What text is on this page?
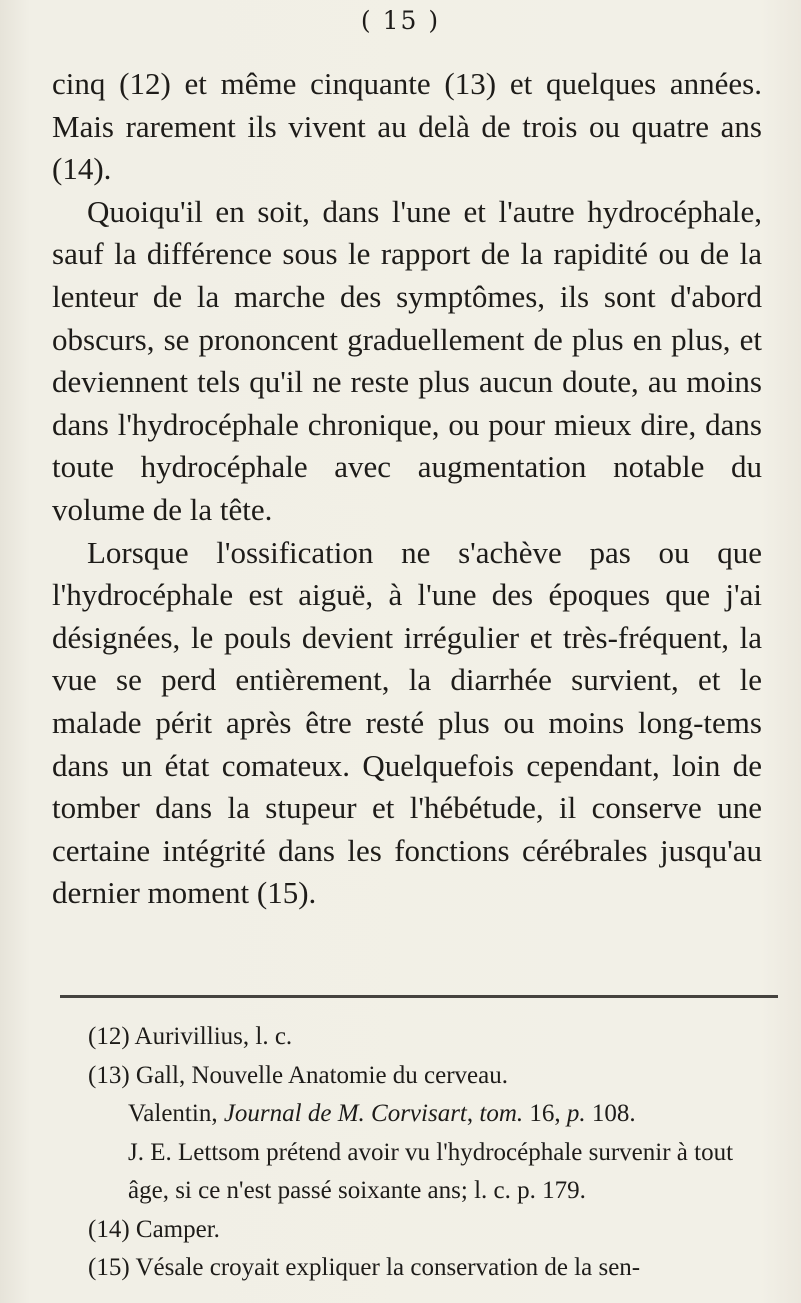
( 15 )

cinq (12) et même cinquante (13) et quelques années. Mais rarement ils vivent au delà de trois ou quatre ans (14).

Quoiqu'il en soit, dans l'une et l'autre hydrocéphale, sauf la différence sous le rapport de la rapidité ou de la lenteur de la marche des symptômes, ils sont d'abord obscurs, se prononcent graduellement de plus en plus, et deviennent tels qu'il ne reste plus aucun doute, au moins dans l'hydrocéphale chronique, ou pour mieux dire, dans toute hydrocéphale avec augmentation notable du volume de la tête.

Lorsque l'ossification ne s'achève pas ou que l'hydrocéphale est aiguë, à l'une des époques que j'ai désignées, le pouls devient irrégulier et très-fréquent, la vue se perd entièrement, la diarrhée survient, et le malade périt après être resté plus ou moins long-tems dans un état comateux. Quelquefois cependant, loin de tomber dans la stupeur et l'hébétude, il conserve une certaine intégrité dans les fonctions cérébrales jusqu'au dernier moment (15).

(12) Aurivillius, l. c.

(13) Gall, Nouvelle Anatomie du cerveau.
Valentin, Journal de M. Corvisart, tom. 16, p. 108.
J. E. Lettsom prétend avoir vu l'hydrocéphale survenir à tout âge, si ce n'est passé soixante ans; l. c. p. 179.

(14) Camper.

(15) Vésale croyait expliquer la conservation de la sen-
